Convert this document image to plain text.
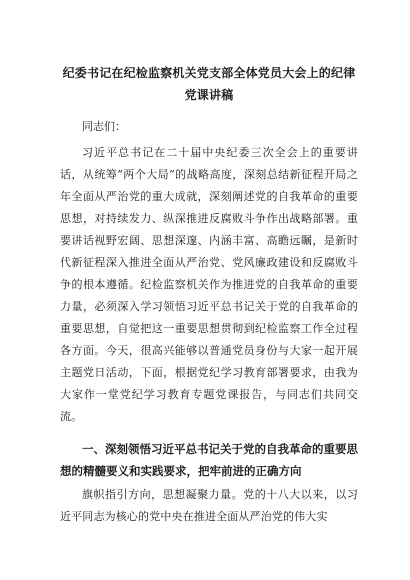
纪委书记在纪检监察机关党支部全体党员大会上的纪律党课讲稿

同志们：

习近平总书记在二十届中央纪委三次全会上的重要讲话，从统筹“两个大局”的战略高度，深刻总结新征程开局之年全面从严治党的重大成就，深刻阐述党的自我革命的重要思想，对持续发力、纵深推进反腐败斗争作出战略部署。重要讲话视野宏阔、思想深邃、内涵丰富、高瞻远瞩，是新时代新征程深入推进全面从严治党、党风廉政建设和反腐败斗争的根本遵循。纪检监察机关作为推进党的自我革命的重要力量，必须深入学习领悟习近平总书记关于党的自我革命的重要思想，自觉把这一重要思想贯彻到纪检监察工作全过程各方面。今天，很高兴能够以普通党员身份与大家一起开展主题党日活动，下面，根据党纪学习教育部署要求，由我为大家作一堂党纪学习教育专题党课报告，与同志们共同交流。

一、深刻领悟习近平总书记关于党的自我革命的重要思想的精髓要义和实践要求，把牢前进的正确方向

旗帜指引方向，思想凝聚力量。党的十八大以来，以习近平同志为核心的党中央在推进全面从严治党的伟大实
